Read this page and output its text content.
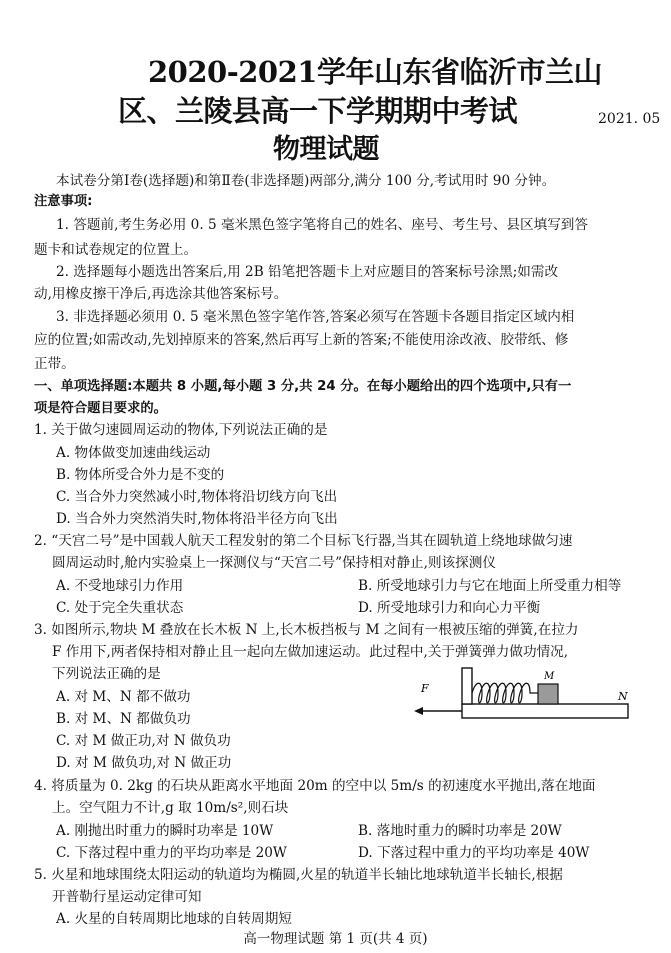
2020-2021学年山东省临沂市兰山
区、兰陵县高一下学期期中考试	2021. 05
物理试题
本试卷分第Ⅰ卷(选择题)和第Ⅱ卷(非选择题)两部分,满分 100 分,考试用时 90 分钟。
注意事项:
1. 答题前,考生务必用 0. 5 毫米黑色签字笔将自己的姓名、座号、考生号、县区填写到答
题卡和试卷规定的位置上。
2. 选择题每小题选出答案后,用 2B 铅笔把答题卡上对应题目的答案标号涂黑;如需改
动,用橡皮擦干净后,再选涂其他答案标号。
3. 非选择题必须用 0. 5 毫米黑色签字笔作答,答案必须写在答题卡各题目指定区域内相
应的位置;如需改动,先划掉原来的答案,然后再写上新的答案;不能使用涂改液、胶带纸、修
正带。
一、单项选择题:本题共 8 小题,每小题 3 分,共 24 分。在每小题给出的四个选项中,只有一
项是符合题目要求的。
1. 关于做匀速圆周运动的物体,下列说法正确的是
A. 物体做变加速曲线运动
B. 物体所受合外力是不变的
C. 当合外力突然减小时,物体将沿切线方向飞出
D. 当合外力突然消失时,物体将沿半径方向飞出
2. “天宫二号”是中国载人航天工程发射的第二个目标飞行器,当其在圆轨道上绕地球做匀速
圆周运动时,舱内实验桌上一探测仪与“天宫二号”保持相对静止,则该探测仪
A. 不受地球引力作用	B. 所受地球引力与它在地面上所受重力相等
C. 处于完全失重状态	D. 所受地球引力和向心力平衡
3. 如图所示,物块 M 叠放在长木板 N 上,长木板挡板与 M 之间有一根被压缩的弹簧,在拉力
F 作用下,两者保持相对静止且一起向左做加速运动。此过程中,关于弹簧弹力做功情况,
下列说法正确的是
A. 对 M、N 都不做功
B. 对 M、N 都做负功
C. 对 M 做正功,对 N 做负功
D. 对 M 做负功,对 N 做正功
M
N
F
4. 将质量为 0. 2kg 的石块从距离水平地面 20m 的空中以 5m/s 的初速度水平抛出,落在地面
上。空气阻力不计,g 取 10m/s²,则石块
A. 刚抛出时重力的瞬时功率是 10W	B. 落地时重力的瞬时功率是 20W
C. 下落过程中重力的平均功率是 20W	D. 下落过程中重力的平均功率是 40W
5. 火星和地球围绕太阳运动的轨道均为椭圆,火星的轨道半长轴比地球轨道半长轴长,根据
开普勒行星运动定律可知
A. 火星的自转周期比地球的自转周期短
高一物理试题 第 1 页(共 4 页)
